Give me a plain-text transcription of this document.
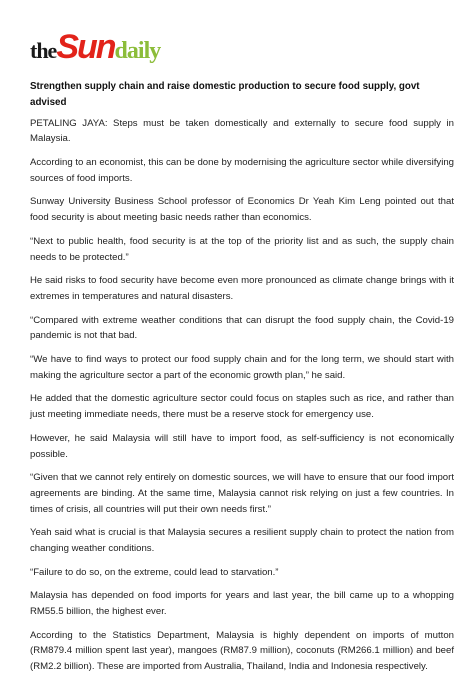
theSundaily

Strengthen supply chain and raise domestic production to secure food supply, govt advised

PETALING JAYA: Steps must be taken domestically and externally to secure food supply in Malaysia.

According to an economist, this can be done by modernising the agriculture sector while diversifying sources of food imports.

Sunway University Business School professor of Economics Dr Yeah Kim Leng pointed out that food security is about meeting basic needs rather than economics.

“Next to public health, food security is at the top of the priority list and as such, the supply chain needs to be protected.”

He said risks to food security have become even more pronounced as climate change brings with it extremes in temperatures and natural disasters.

“Compared with extreme weather conditions that can disrupt the food supply chain, the Covid-19 pandemic is not that bad.

“We have to find ways to protect our food supply chain and for the long term, we should start with making the agriculture sector a part of the economic growth plan,” he said.

He added that the domestic agriculture sector could focus on staples such as rice, and rather than just meeting immediate needs, there must be a reserve stock for emergency use.

However, he said Malaysia will still have to import food, as self-sufficiency is not economically possible.

“Given that we cannot rely entirely on domestic sources, we will have to ensure that our food import agreements are binding. At the same time, Malaysia cannot risk relying on just a few countries. In times of crisis, all countries will put their own needs first.”

Yeah said what is crucial is that Malaysia secures a resilient supply chain to protect the nation from changing weather conditions.

“Failure to do so, on the extreme, could lead to starvation.”

Malaysia has depended on food imports for years and last year, the bill came up to a whopping RM55.5 billion, the highest ever.

According to the Statistics Department, Malaysia is highly dependent on imports of mutton (RM879.4 million spent last year), mangoes (RM87.9 million), coconuts (RM266.1 million) and beef (RM2.2 billion). These are imported from Australia, Thailand, India and Indonesia respectively.
